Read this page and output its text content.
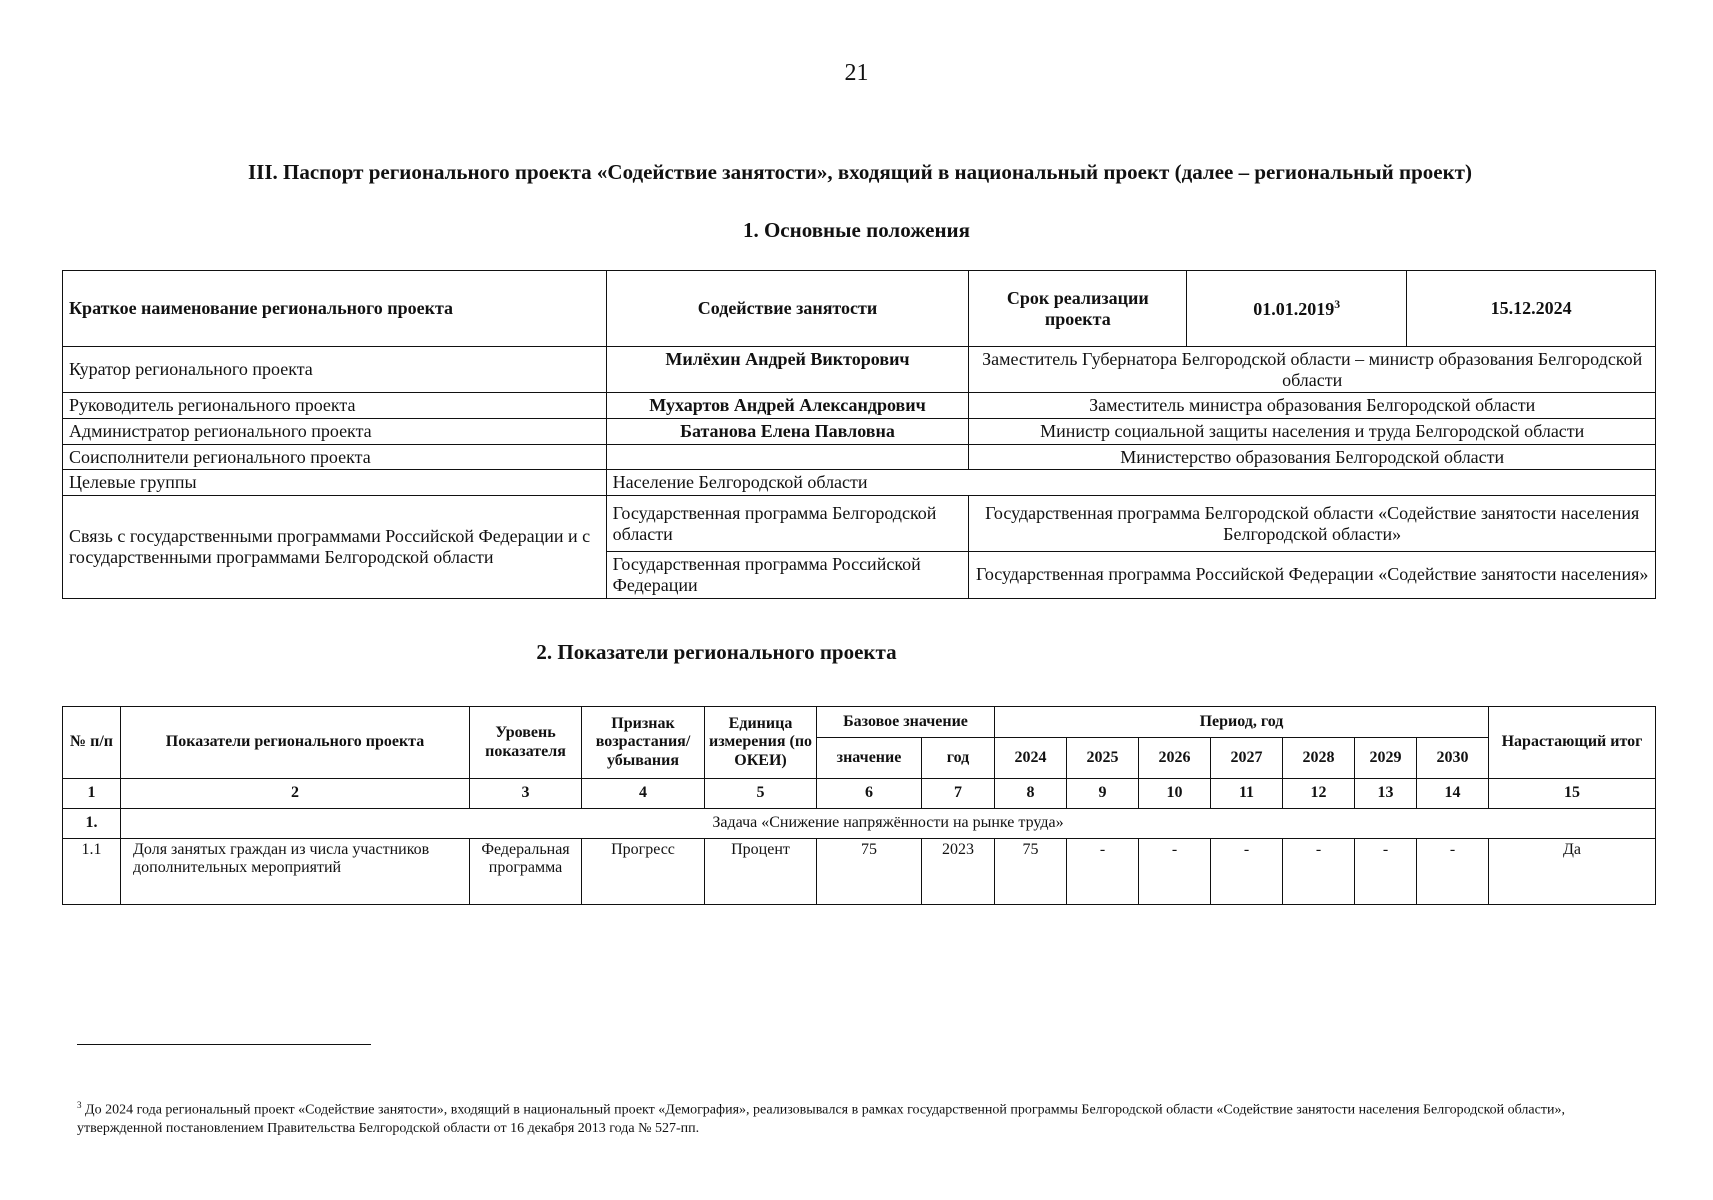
21
III. Паспорт регионального проекта «Содействие занятости», входящий в национальный проект (далее – региональный проект)
1. Основные положения
Краткое наименование регионального проекта	Содействие занятости	Срок реализации проекта	01.01.2019$^3$	15.12.2024
Куратор регионального проекта	Милёхин Андрей Викторович	Заместитель Губернатора Белгородской области – министр образования Белгородской области		
Руководитель регионального проекта	Мухартов Андрей Александрович	Заместитель министра образования Белгородской области		
Администратор регионального проекта	Батанова Елена Павловна	Министр социальной защиты населения и труда Белгородской области		
Соисполнители регионального проекта		Министерство образования Белгородской области		
Целевые группы	Население Белгородской области			
Связь с государственными программами Российской Федерации и с государственными программами Белгородской области	Государственная программа Белгородской области	Государственная программа Белгородской области «Содействие занятости населения Белгородской области»		
	Государственная программа Российской Федерации	Государственная программа Российской Федерации «Содействие занятости населения»		
2. Показатели регионального проекта
№ п/п	Показатели регионального проекта	Уровень показателя	Признак возрастания/ убывания	Единица измерения (по ОКЕИ)	Базовое значение		Период, год							Нарастающий итог
					значение	год	2024	2025	2026	2027	2028	2029	2030	
1	2	3	4	5	6	7	8	9	10	11	12	13	14	15
1.	Задача «Снижение напряжённости на рынке труда»													
1.1	Доля занятых граждан из числа участников дополнительных мероприятий	Федеральная программа	Прогресс	Процент	75	2023	75	-	-	-	-	-	-	Да
$^3$ До 2024 года региональный проект «Содействие занятости», входящий в национальный проект «Демография», реализовывался в рамках государственной программы Белгородской области «Содействие занятости населения Белгородской области», утвержденной постановлением Правительства Белгородской области от 16 декабря 2013 года № 527-пп.
